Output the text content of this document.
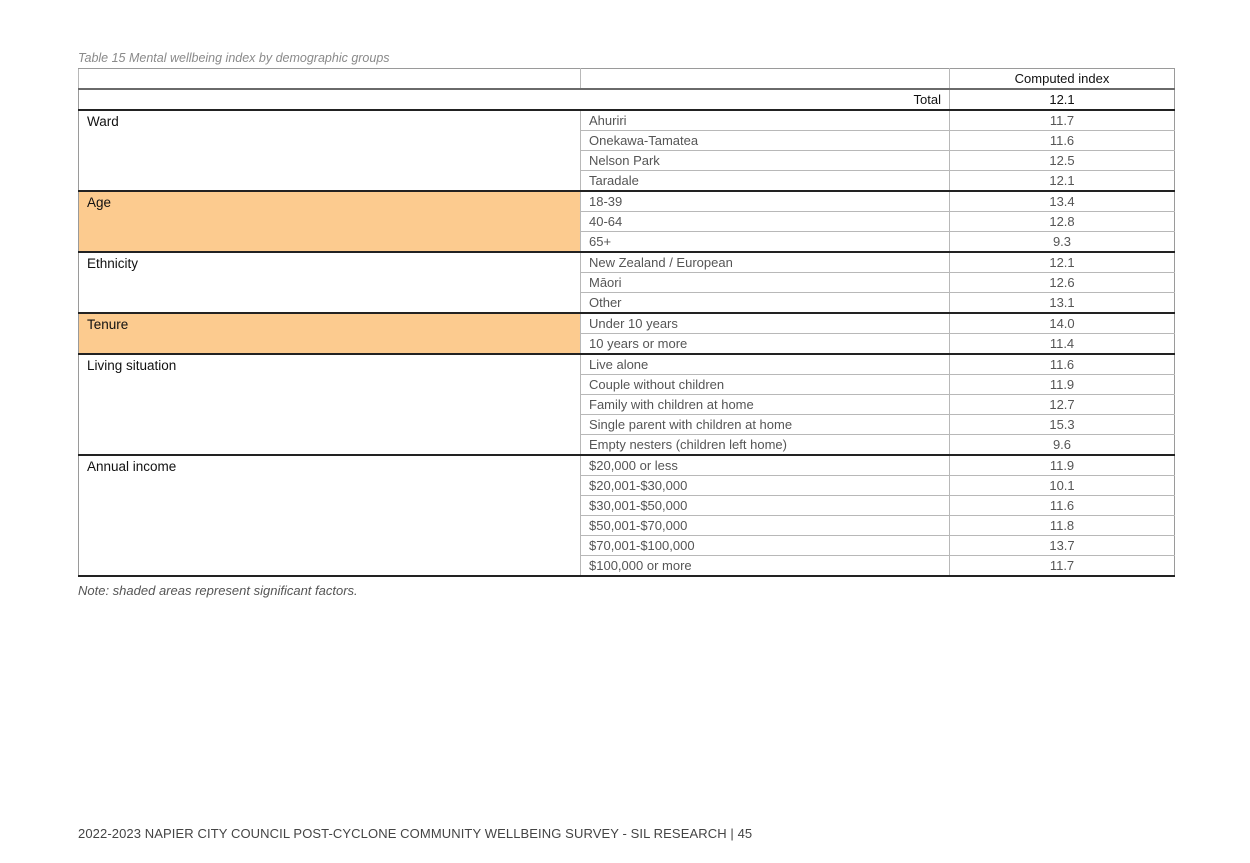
Table 15 Mental wellbeing index by demographic groups
		Computed index
Total		12.1
Ward	Ahuriri	11.7
	Onekawa-Tamatea	11.6
	Nelson Park	12.5
	Taradale	12.1
Age	18-39	13.4
	40-64	12.8
	65+	9.3
Ethnicity	New Zealand / European	12.1
	Māori	12.6
	Other	13.1
Tenure	Under 10 years	14.0
	10 years or more	11.4
Living situation	Live alone	11.6
	Couple without children	11.9
	Family with children at home	12.7
	Single parent with children at home	15.3
	Empty nesters (children left home)	9.6
Annual income	$20,000 or less	11.9
	$20,001-$30,000	10.1
	$30,001-$50,000	11.6
	$50,001-$70,000	11.8
	$70,001-$100,000	13.7
	$100,000 or more	11.7
Note: shaded areas represent significant factors.
2022-2023 NAPIER CITY COUNCIL POST-CYCLONE COMMUNITY WELLBEING SURVEY - SIL RESEARCH | 45
